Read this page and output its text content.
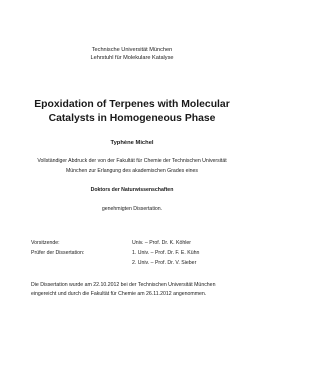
Technische Universität München
Lehrstuhl für Molekulare Katalyse
Epoxidation of Terpenes with Molecular
Catalysts in Homogeneous Phase
Typhène Michel
Vollständiger Abdruck der von der Fakultät für Chemie der Technischen Universität
München zur Erlangung des akademischen Grades eines
Doktors der Naturwissenschaften
genehmigten Dissertation.
Vorsitzende:	Univ. – Prof. Dr. K. Köhler
Prüfer der Dissertation:	1. Univ. – Prof. Dr. F. E. Kühn
2. Univ. – Prof. Dr. V. Sieber
Die Dissertation wurde am 22.10.2012 bei der Technischen Universität München
eingereicht und durch die Fakultät für Chemie am 26.11.2012 angenommen.
